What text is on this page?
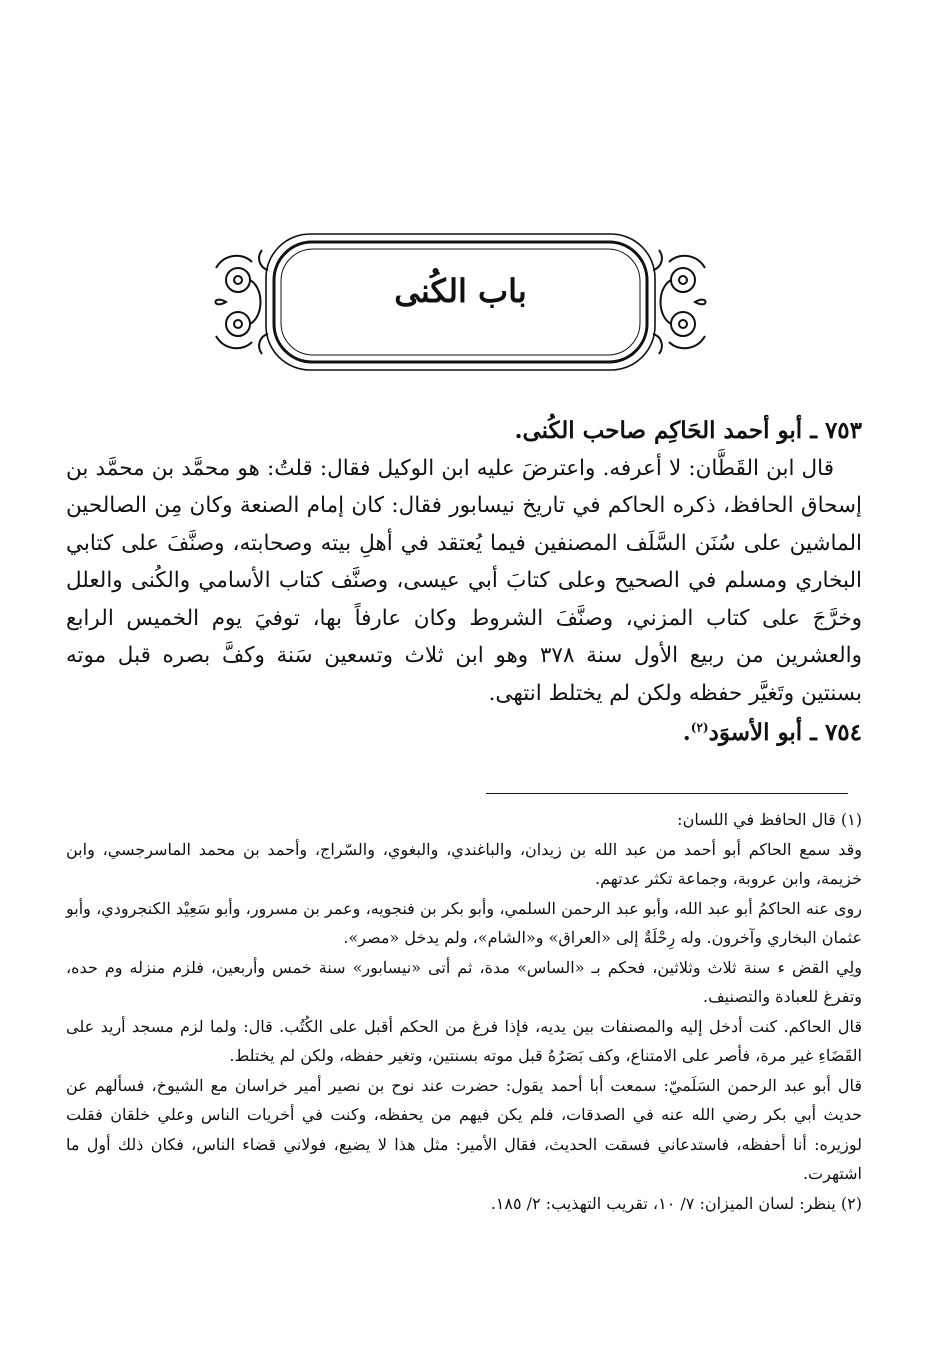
باب الكُنى

٧٥٣ ـ أبو أحمد الحَاكِم صاحب الكُنى.

قال ابن القَطَّان: لا أعرفه. واعترضَ عليه ابن الوكيل فقال: قلتُ: هو محمَّد بن محمَّد بن إسحاق الحافظ، ذكره الحاكم في تاريخ نيسابور فقال: كان إمام الصنعة وكان مِن الصالحين الماشين على سُنَن السَّلَف المصنفين فيما يُعتقد في أهلِ بيته وصحابته، وصنَّفَ على كتابي البخاري ومسلم في الصحيح وعلى كتابَ أبي عيسى، وصنَّف كتاب الأسامي والكُنى والعلل وخرَّجَ على كتاب المزني، وصنَّفَ الشروط وكان عارفاً بها، توفيَ يوم الخميس الرابع والعشرين من ربيع الأول سنة ٣٧٨ وهو ابن ثلاث وتسعين سَنة وكفَّ بصره قبل موته بسنتين وتَغيَّر حفظه ولكن لم يختلط انتهى.

٧٥٤ ـ أبو الأسوَد$^{(٢)}$.

(١) قال الحافظ في اللسان:

وقد سمع الحاكم أبو أحمد من عبد الله بن زيدان، والباغندي، والبغوي، والسّراج، وأحمد بن محمد الماسرجسي، وابن خزيمة، وابن عروبة، وجماعة تكثر عدتهم.

روى عنه الحاكمُ أبو عبد الله، وأبو عبد الرحمن السلمي، وأبو بكر بن فنجويه، وعمر بن مسرور، وأبو سَعِيْد الكنجرودي، وأبو عثمان البخاري وآخرون. وله رِحْلَةٌ إلى «العراق» و«الشام»، ولم يدخل «مصر».

ولِي القض ء سنة ثلاث وثلاثين، فحكم بـ «الساس» مدة، ثم أتى «نيسابور» سنة خمس وأربعين، فلزم منزله وم حده، وتفرغ للعبادة والتصنيف.

قال الحاكم. كنت أدخل إليه والمصنفات بين يديه، فإذا فرغ من الحكم أقبل على الكُتُب. قال: ولما لزم مسجد أريد على القَضَاءِ غير مرة، فأصر على الامتناع، وكف بَصَرُهُ قبل موته بسنتين، وتغير حفظه، ولكن لم يختلط.

قال أبو عبد الرحمن السَلَميّ: سمعت أبا أحمد يقول: حضرت عند نوح بن نصير أمير خراسان مع الشيوخ، فسألهم عن حديث أبي بكر رضي الله عنه في الصدقات، فلم يكن فيهم من يحفظه، وكنت في أخريات الناس وعلي خلقان فقلت لوزيره: أنا أحفظه، فاستدعاني فسقت الحديث، فقال الأمير: مثل هذا لا يضيع، فولاني قضاء الناس، فكان ذلك أول ما اشتهرت.

(٢) ينظر: لسان الميزان: ٧/ ١٠، تقريب التهذيب: ٢/ ١٨٥.
